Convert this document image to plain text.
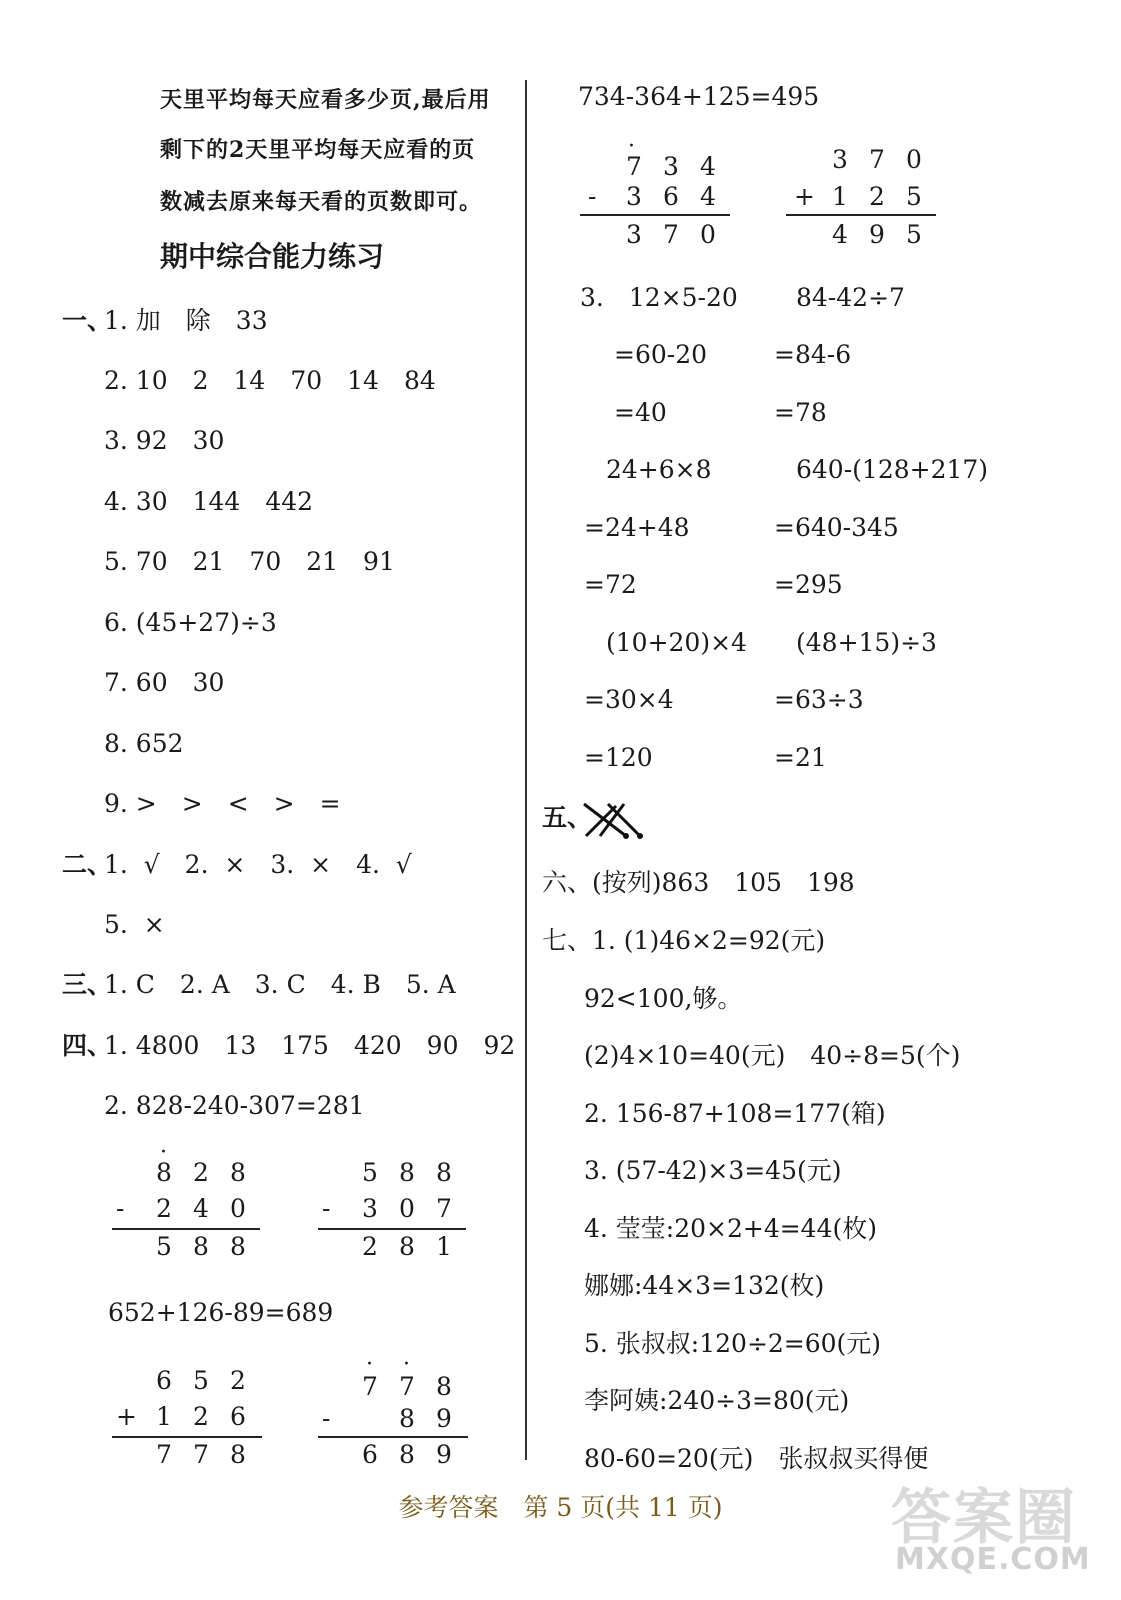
天里平均每天应看多少页,最后用
剩下的2天里平均每天应看的页
数减去原来每天看的页数即可。
期中综合能力练习
一、
1. 加　除　33
2. 10　2　14　70　14　84
3. 92　30
4. 30　144　442
5. 70　21　70　21　91
6. (45+27)÷3
7. 60　30
8. 652
9. >　>　<　>　=
二、
1.  √　2.  ×　3.  ×　4.  √
5.  ×
三、
1. C　2. A　3. C　4. B　5. A
四、
1. 4800　13　175　420　90　92
2. 828-240-307=281
·
8 2 8
- 2 4 0
5 8 8
5 8 8
- 3 0 7
2 8 1
652+126-89=689
6 5 2
+ 1 2 6
7 7 8
· ·
7 7 8
-	8 9
6 8 9
734-364+125=495
·
7 3 4
- 3 6 4
3 7 0
3 7 0
+ 1 2 5
4 9 5
3.　12×5-20 84-42÷7
=60-20	=84-6
=40	=78
24+6×8	640-(128+217)
=24+48	=640-345
=72	=295
(10+20)×4 (48+15)÷3
=30×4	=63÷3
=120	=21
五、
六、(按列)863　105　198
七、1. (1)46×2=92(元)
92<100,够。
(2)4×10=40(元)　40÷8=5(个)
2. 156-87+108=177(箱)
3. (57-42)×3=45(元)
4. 莹莹:20×2+4=44(枚)
娜娜:44×3=132(枚)
5. 张叔叔:120÷2=60(元)
李阿姨:240÷3=80(元)
80-60=20(元)　张叔叔买得便
参考答案　第 5 页(共 11 页)	答案圈
MXQE.COM
